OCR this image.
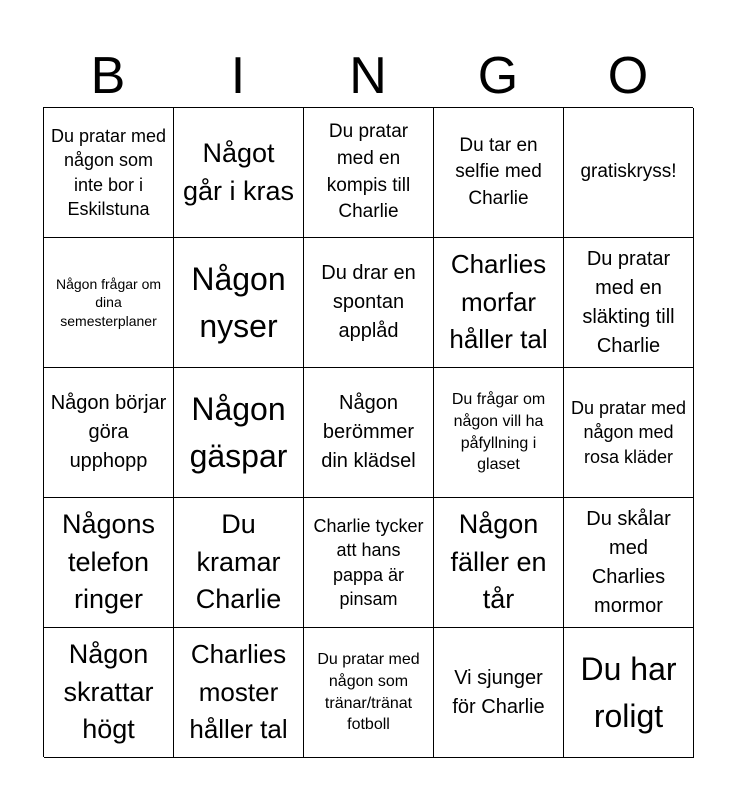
B	I	N	G	O
Du pratar med någon som inte bor i Eskilstuna
Något går i kras
Du pratar med en kompis till Charlie
Du tar en selfie med Charlie
gratiskryss!
Någon frågar om dina semesterplaner
Någon nyser
Du drar en spontan applåd
Charlies morfar håller tal
Du pratar med en släkting till Charlie
Någon börjar göra upphopp
Någon gäspar
Någon berömmer din klädsel
Du frågar om någon vill ha påfyllning i glaset
Du pratar med någon med rosa kläder
Någons telefon ringer
Du kramar Charlie
Charlie tycker att hans pappa är pinsam
Någon fäller en tår
Du skålar med Charlies mormor
Någon skrattar högt
Charlies moster håller tal
Du pratar med någon som tränar/tränat fotboll
Vi sjunger för Charlie
Du har roligt
